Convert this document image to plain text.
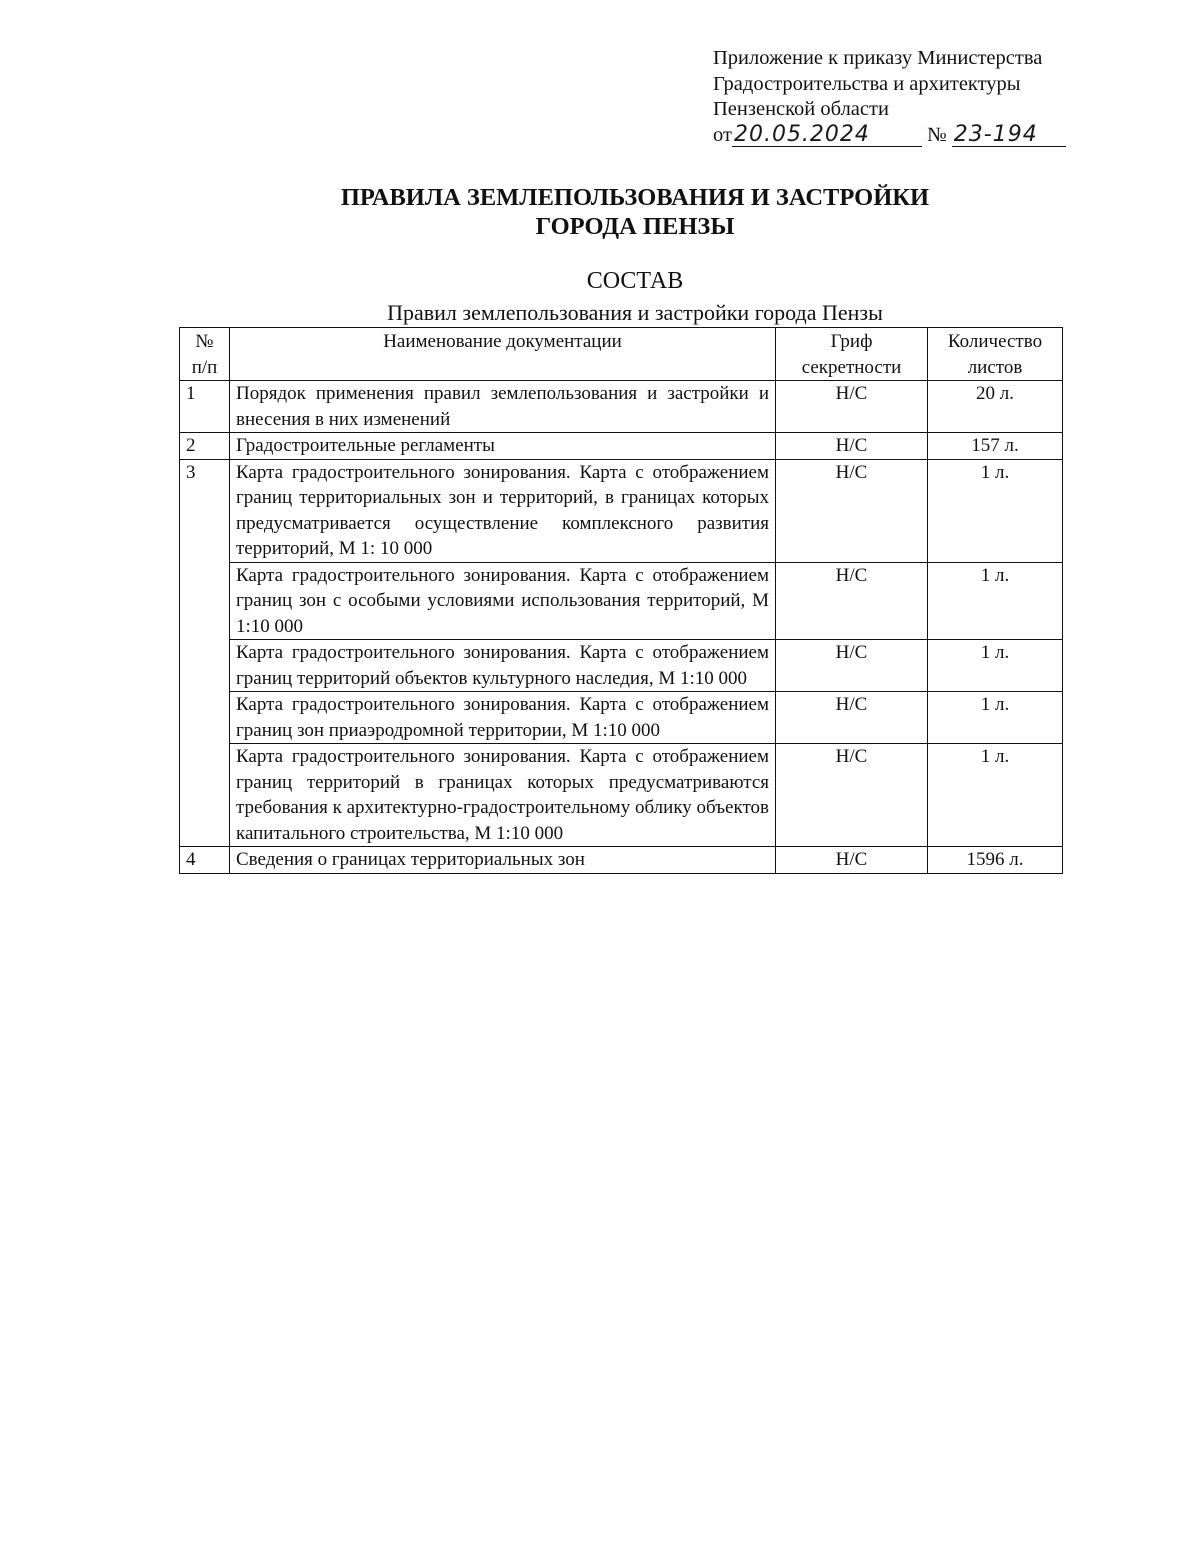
Приложение к приказу Министерства
Градостроительства и архитектуры
Пензенской области
от20.05.2024	№ 23-194
ПРАВИЛА ЗЕМЛЕПОЛЬЗОВАНИЯ И ЗАСТРОЙКИ
ГОРОДА ПЕНЗЫ
СОСТАВ
Правил землепользования и застройки города Пензы
№ п/п	Наименование документации	Гриф секретности	Количество листов
1	Порядок применения правил землепользования и застройки и внесения в них изменений	Н/С	20 л.
2	Градостроительные регламенты	Н/С	157 л.
3	Карта градостроительного зонирования. Карта с отображением границ территориальных зон и территорий, в границах которых предусматривается осуществление комплексного развития территорий, М 1: 10 000	Н/С	1 л.
	Карта градостроительного зонирования. Карта с отображением границ зон с особыми условиями использования территорий, М 1:10 000	Н/С	1 л.
	Карта градостроительного зонирования. Карта с отображением границ территорий объектов культурного наследия, М 1:10 000	Н/С	1 л.
	Карта градостроительного зонирования. Карта с отображением границ зон приаэродромной территории, М 1:10 000	Н/С	1 л.
	Карта градостроительного зонирования. Карта с отображением границ территорий в границах которых предусматриваются требования к архитектурно-градостроительному облику объектов капитального строительства, М 1:10 000	Н/С	1 л.
4	Сведения о границах территориальных зон	Н/С	1596 л.
